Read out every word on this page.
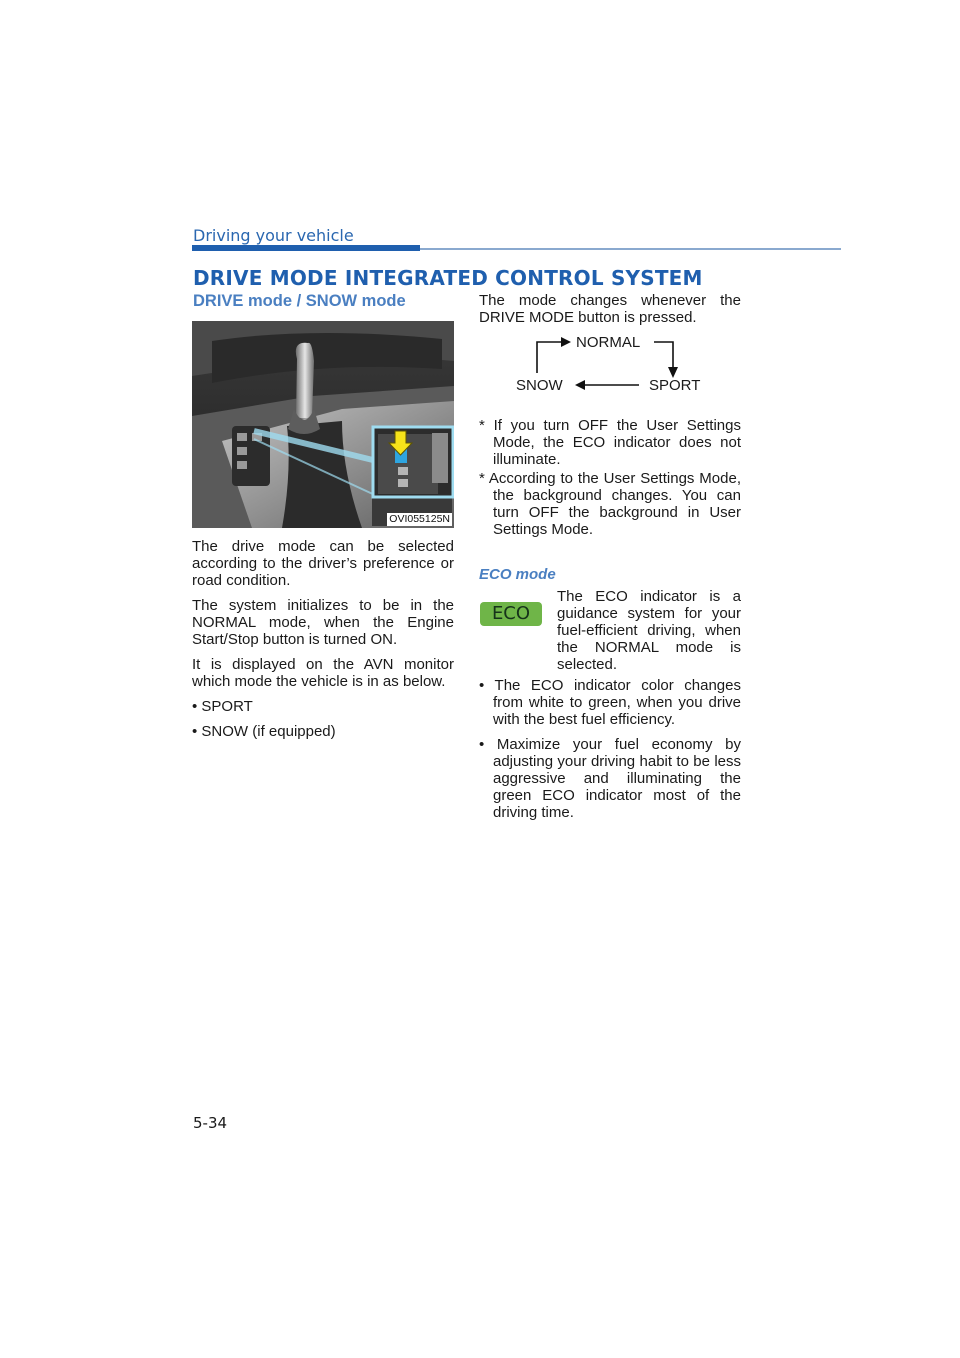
Driving your vehicle
DRIVE MODE INTEGRATED CONTROL SYSTEM
DRIVE mode / SNOW mode
OVI055125N

The drive mode can be selected according to the driver’s preference or road condition.

The system initializes to be in the NORMAL mode, when the Engine Start/Stop button is turned ON.

It is displayed on the AVN monitor which mode the vehicle is in as below.

• SPORT
• SNOW (if equipped)
The mode changes whenever the DRIVE MODE button is pressed.
NORMAL
SNOW	SPORT
* If you turn OFF the User Settings Mode, the ECO indicator does not illuminate.
* According to the User Settings Mode, the background changes. You can turn OFF the background in User Settings Mode.
ECO mode
ECO
The ECO indicator is a guidance system for your fuel-efficient driving, when the NORMAL mode is selected.
• The ECO indicator color changes from white to green, when you drive with the best fuel efficiency.
• Maximize your fuel economy by adjusting your driving habit to be less aggressive and illuminating the green ECO indicator most of the driving time.
5-34
